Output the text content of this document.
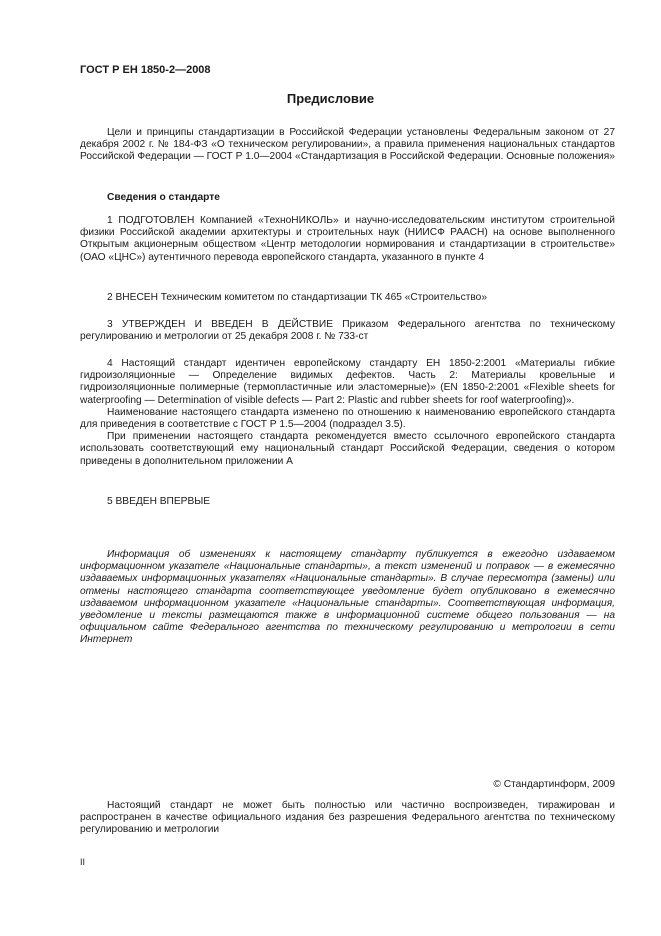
ГОСТ Р ЕН 1850-2—2008
Предисловие

Цели и принципы стандартизации в Российской Федерации установлены Федеральным законом от 27 декабря 2002 г. № 184-ФЗ «О техническом регулировании», а правила применения национальных стандартов Российской Федерации — ГОСТ Р 1.0—2004 «Стандартизация в Российской Федерации. Основные положения»

Сведения о стандарте

1 ПОДГОТОВЛЕН Компанией «ТехноНИКОЛЬ» и научно-исследовательским институтом строительной физики Российской академии архитектуры и строительных наук (НИИСФ РААСН) на основе выполненного Открытым акционерным обществом «Центр методологии нормирования и стандартизации в строительстве» (ОАО «ЦНС») аутентичного перевода европейского стандарта, указанного в пункте 4

2 ВНЕСЕН Техническим комитетом по стандартизации ТК 465 «Строительство»

3 УТВЕРЖДЕН И ВВЕДЕН В ДЕЙСТВИЕ Приказом Федерального агентства по техническому регулированию и метрологии от 25 декабря 2008 г. № 733-ст

4 Настоящий стандарт идентичен европейскому стандарту ЕН 1850-2:2001 «Материалы гибкие гидроизоляционные — Определение видимых дефектов. Часть 2: Материалы кровельные и гидроизоляционные полимерные (термопластичные или эластомерные)» (EN 1850-2:2001 «Flexible sheets for waterproofing — Determination of visible defects — Part 2: Plastic and rubber sheets for roof waterproofing)».

Наименование настоящего стандарта изменено по отношению к наименованию европейского стандарта для приведения в соответствие с ГОСТ Р 1.5—2004 (подраздел 3.5).

При применении настоящего стандарта рекомендуется вместо ссылочного европейского стандарта использовать соответствующий ему национальный стандарт Российской Федерации, сведения о котором приведены в дополнительном приложении А

5 ВВЕДЕН ВПЕРВЫЕ

Информация об изменениях к настоящему стандарту публикуется в ежегодно издаваемом информационном указателе «Национальные стандарты», а текст изменений и поправок — в ежемесячно издаваемых информационных указателях «Национальные стандарты». В случае пересмотра (замены) или отмены настоящего стандарта соответствующее уведомление будет опубликовано в ежемесячно издаваемом информационном указателе «Национальные стандарты». Соответствующая информация, уведомление и тексты размещаются также в информационной системе общего пользования — на официальном сайте Федерального агентства по техническому регулированию и метрологии в сети Интернет

© Стандартинформ, 2009

Настоящий стандарт не может быть полностью или частично воспроизведен, тиражирован и распространен в качестве официального издания без разрешения Федерального агентства по техническому регулированию и метрологии

II
